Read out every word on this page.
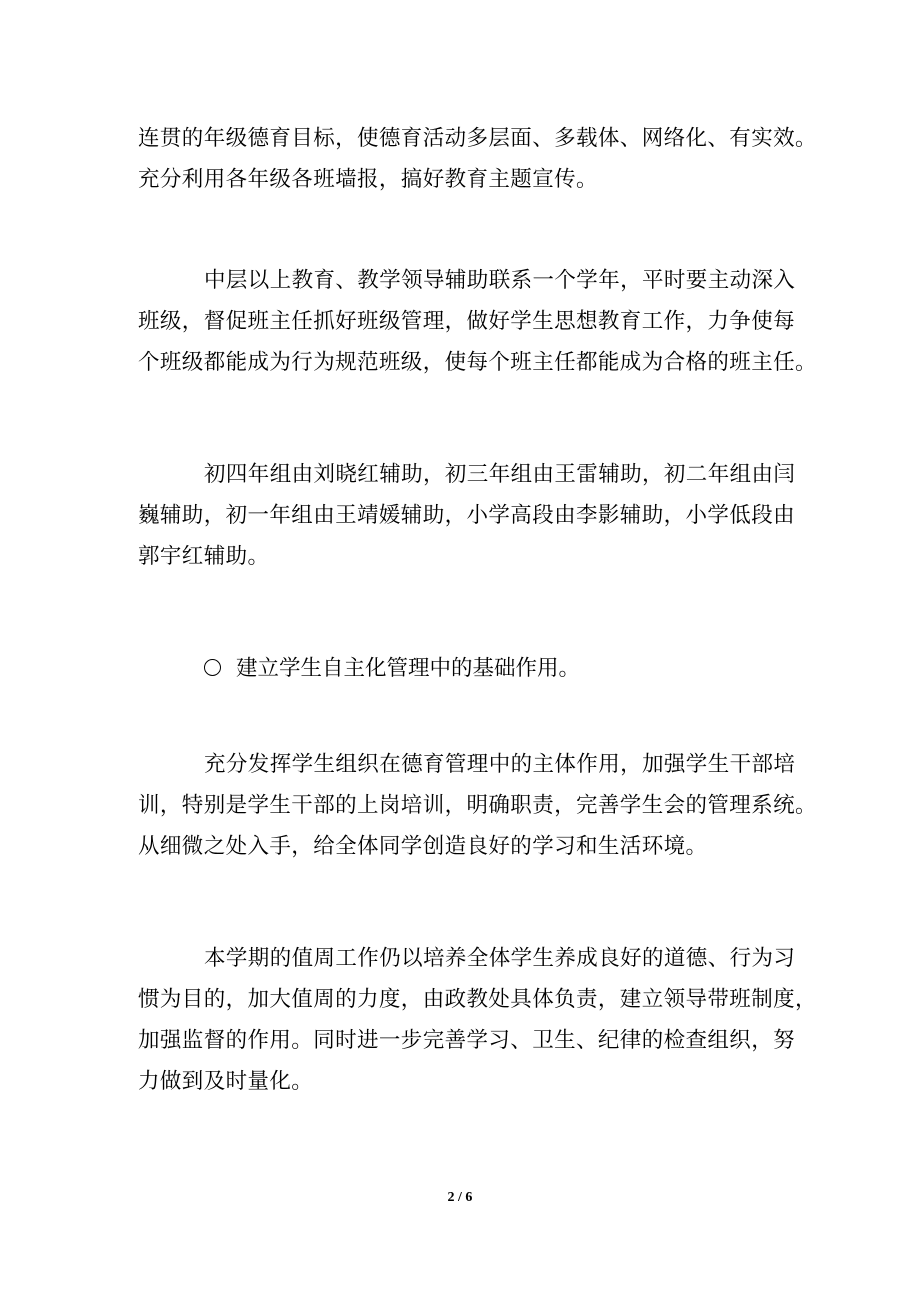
连贯的年级德育目标，使德育活动多层面、多载体、网络化、有实效。
充分利用各年级各班墙报，搞好教育主题宣传。
中层以上教育、教学领导辅助联系一个学年，平时要主动深入
班级，督促班主任抓好班级管理，做好学生思想教育工作，力争使每
个班级都能成为行为规范班级，使每个班主任都能成为合格的班主任。
初四年组由刘晓红辅助，初三年组由王雷辅助，初二年组由闫
巍辅助，初一年组由王靖媛辅助，小学高段由李影辅助，小学低段由
郭宇红辅助。
建立学生自主化管理中的基础作用。
充分发挥学生组织在德育管理中的主体作用，加强学生干部培
训，特别是学生干部的上岗培训，明确职责，完善学生会的管理系统。
从细微之处入手，给全体同学创造良好的学习和生活环境。
本学期的值周工作仍以培养全体学生养成良好的道德、行为习
惯为目的，加大值周的力度，由政教处具体负责，建立领导带班制度，
加强监督的作用。同时进一步完善学习、卫生、纪律的检查组织，努
力做到及时量化。
2 / 6
